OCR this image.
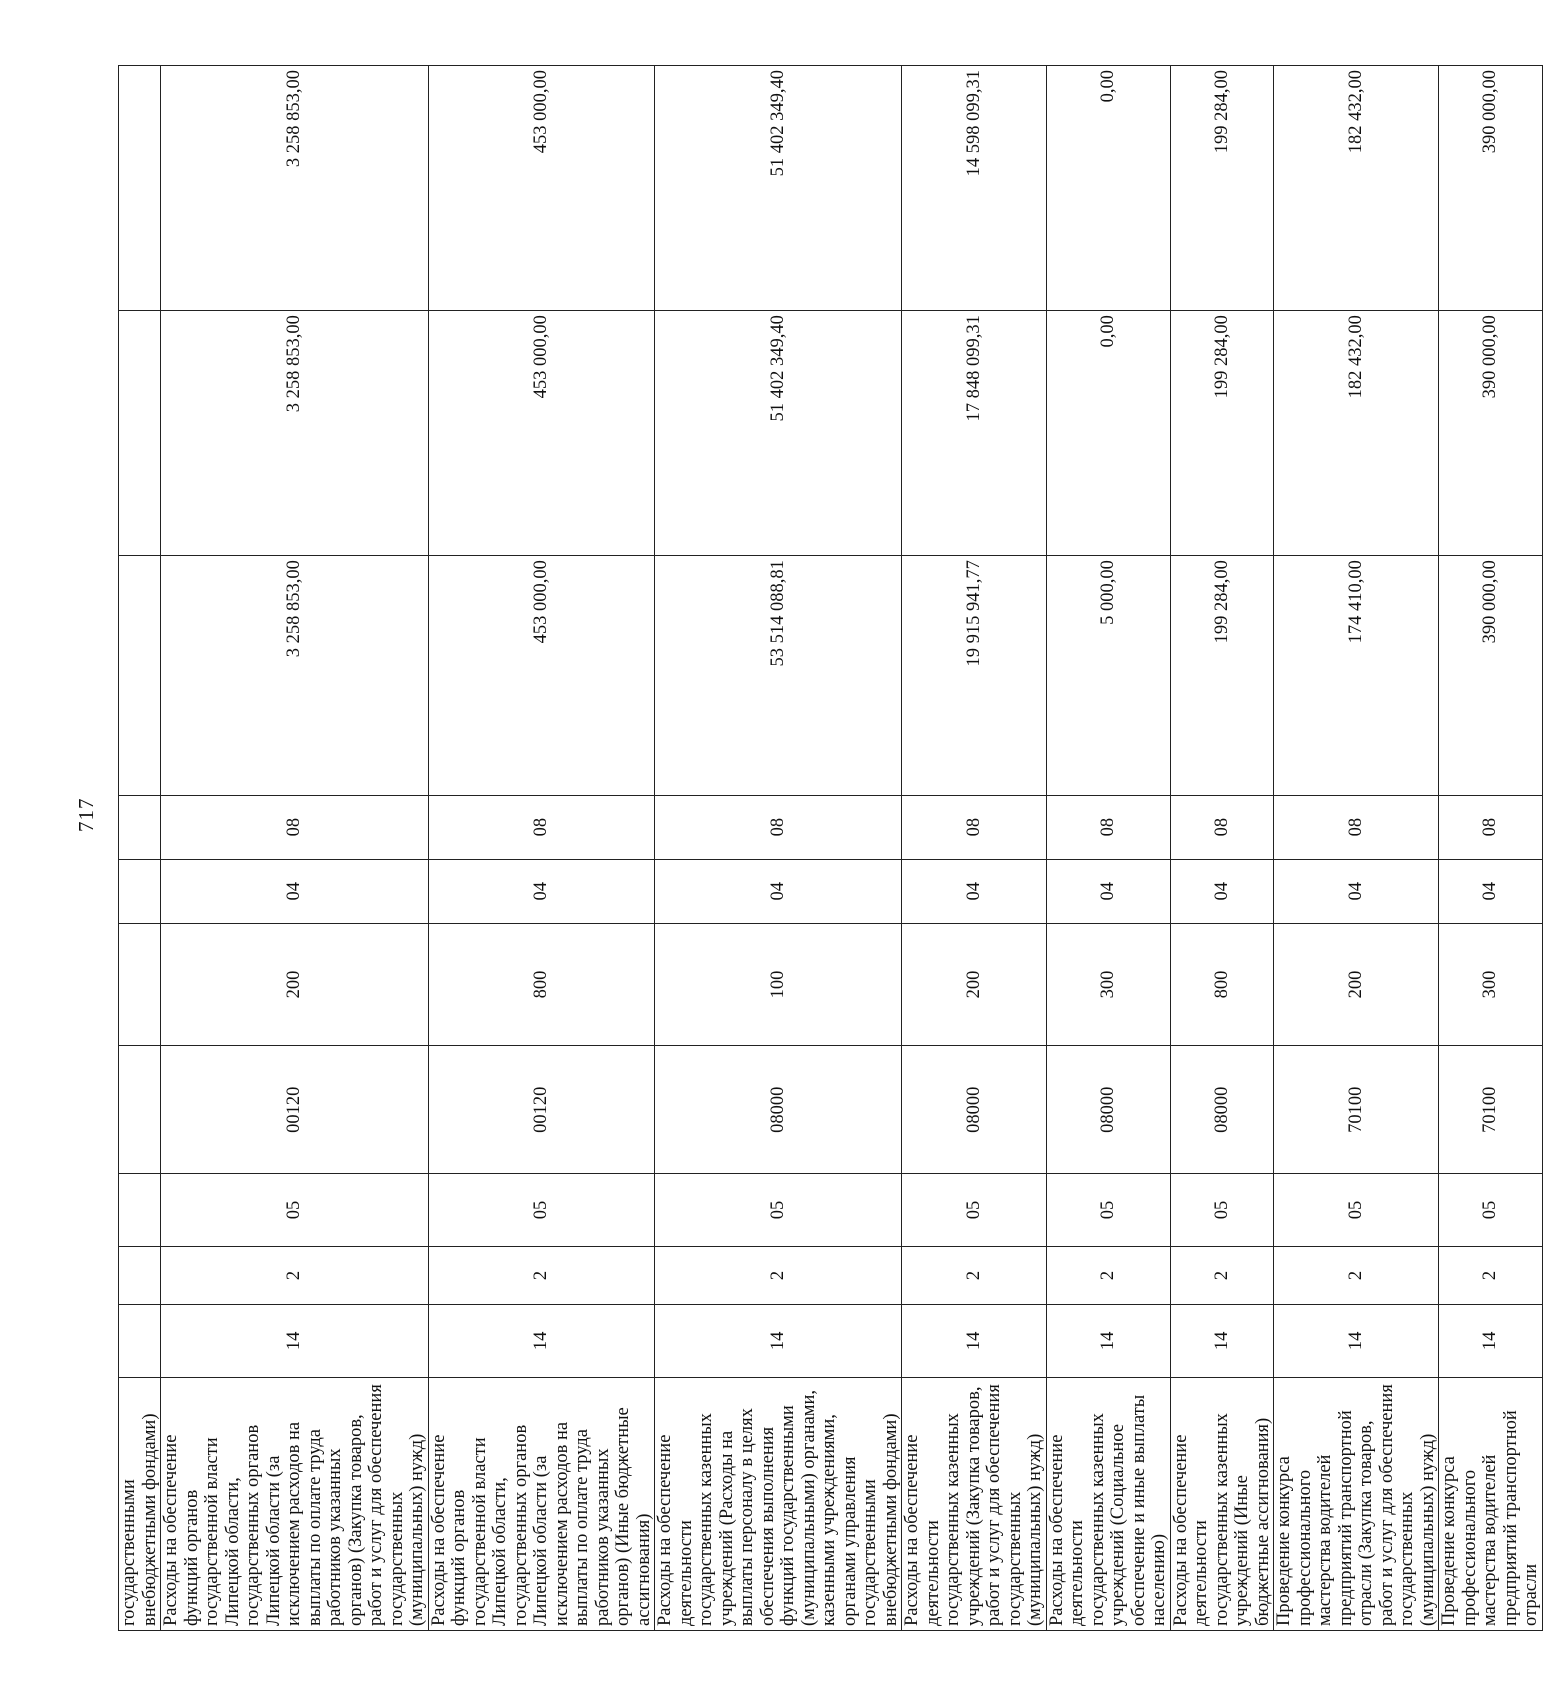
717
государственными внебюджетными фондами)										
Расходы на обеспечение функций органов государственной власти Липецкой области, государственных органов Липецкой области (за исключением расходов на выплаты по оплате труда работников указанных органов) (Закупка товаров, работ и услуг для обеспечения государственных (муниципальных) нужд)	14	2	05	00120	200	04	08	3 258 853,00	3 258 853,00	3 258 853,00
Расходы на обеспечение функций органов государственной власти Липецкой области, государственных органов Липецкой области (за исключением расходов на выплаты по оплате труда работников указанных органов) (Иные бюджетные ассигнования)	14	2	05	00120	800	04	08	453 000,00	453 000,00	453 000,00
Расходы на обеспечение деятельности государственных казенных учреждений (Расходы на выплаты персоналу в целях обеспечения выполнения функций государственными (муниципальными) органами, казенными учреждениями, органами управления государственными внебюджетными фондами)	14	2	05	08000	100	04	08	53 514 088,81	51 402 349,40	51 402 349,40
Расходы на обеспечение деятельности государственных казенных учреждений (Закупка товаров, работ и услуг для обеспечения государственных (муниципальных) нужд)	14	2	05	08000	200	04	08	19 915 941,77	17 848 099,31	14 598 099,31
Расходы на обеспечение деятельности государственных казенных учреждений (Социальное обеспечение и иные выплаты населению)	14	2	05	08000	300	04	08	5 000,00	0,00	0,00
Расходы на обеспечение деятельности государственных казенных учреждений (Иные бюджетные ассигнования)	14	2	05	08000	800	04	08	199 284,00	199 284,00	199 284,00
Проведение конкурса профессионального мастерства водителей предприятий транспортной отрасли (Закупка товаров, работ и услуг для обеспечения государственных (муниципальных) нужд)	14	2	05	70100	200	04	08	174 410,00	182 432,00	182 432,00
Проведение конкурса профессионального мастерства водителей предприятий транспортной отрасли	14	2	05	70100	300	04	08	390 000,00	390 000,00	390 000,00
